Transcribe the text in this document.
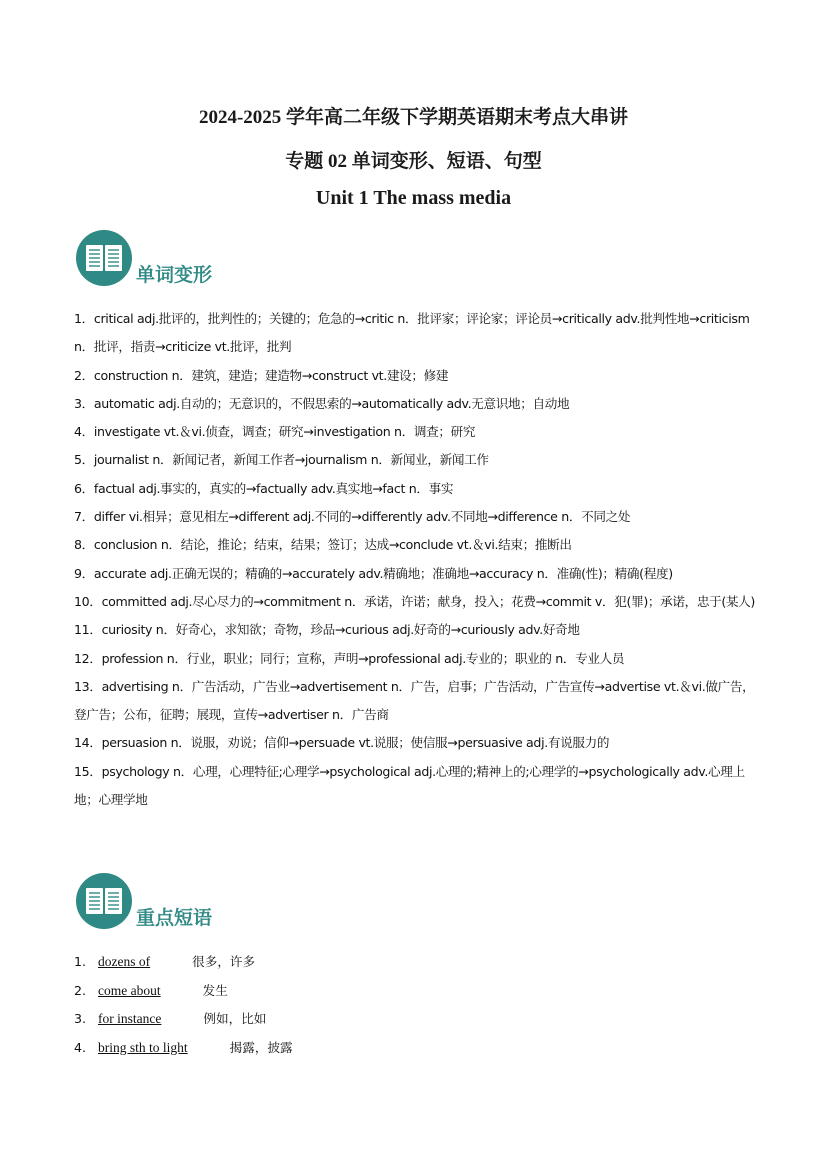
2024-2025 学年高二年级下学期英语期末考点大串讲
专题 02 单词变形、短语、句型
Unit 1 The mass media
单词变形

1．critical adj.批评的，批判性的；关键的；危急的→critic n．批评家；评论家；评论员→critically adv.批判性地→criticism n．批评，指责→criticize vt.批评，批判

2．construction n．建筑，建造；建造物→construct vt.建设；修建

3．automatic adj.自动的；无意识的，不假思索的→automatically adv.无意识地；自动地

4．investigate vt.＆vi.侦查，调查；研究→investigation n．调查；研究

5．journalist n．新闻记者，新闻工作者→journalism n．新闻业，新闻工作

6．factual adj.事实的，真实的→factually adv.真实地→fact n．事实

7．differ vi.相异；意见相左→different adj.不同的→differently adv.不同地→difference n．不同之处

8．conclusion n．结论，推论；结束，结果；签订；达成→conclude vt.＆vi.结束；推断出

9．accurate adj.正确无误的；精确的→accurately adv.精确地；准确地→accuracy n．准确(性)；精确(程度)

10．committed adj.尽心尽力的→commitment n．承诺，许诺；献身，投入；花费→commit v．犯(罪)；承诺，忠于(某人)

11．curiosity n．好奇心，求知欲；奇物，珍品→curious adj.好奇的→curiously adv.好奇地

12．profession n．行业，职业；同行；宣称，声明→professional adj.专业的；职业的 n．专业人员

13．advertising n．广告活动，广告业→advertisement n．广告，启事；广告活动，广告宣传→advertise vt.＆vi.做广告，登广告；公布，征聘；展现，宣传→advertiser n．广告商

14．persuasion n．说服，劝说；信仰→persuade vt.说服；使信服→persuasive adj.有说服力的

15．psychology n．心理，心理特征;心理学→psychological adj.心理的;精神上的;心理学的→psychologically adv.心理上地；心理学地

重点短语
1. dozens of	很多，许多
2. come about	发生
3. for instance	例如，比如
4. bring sth to light	揭露，披露
